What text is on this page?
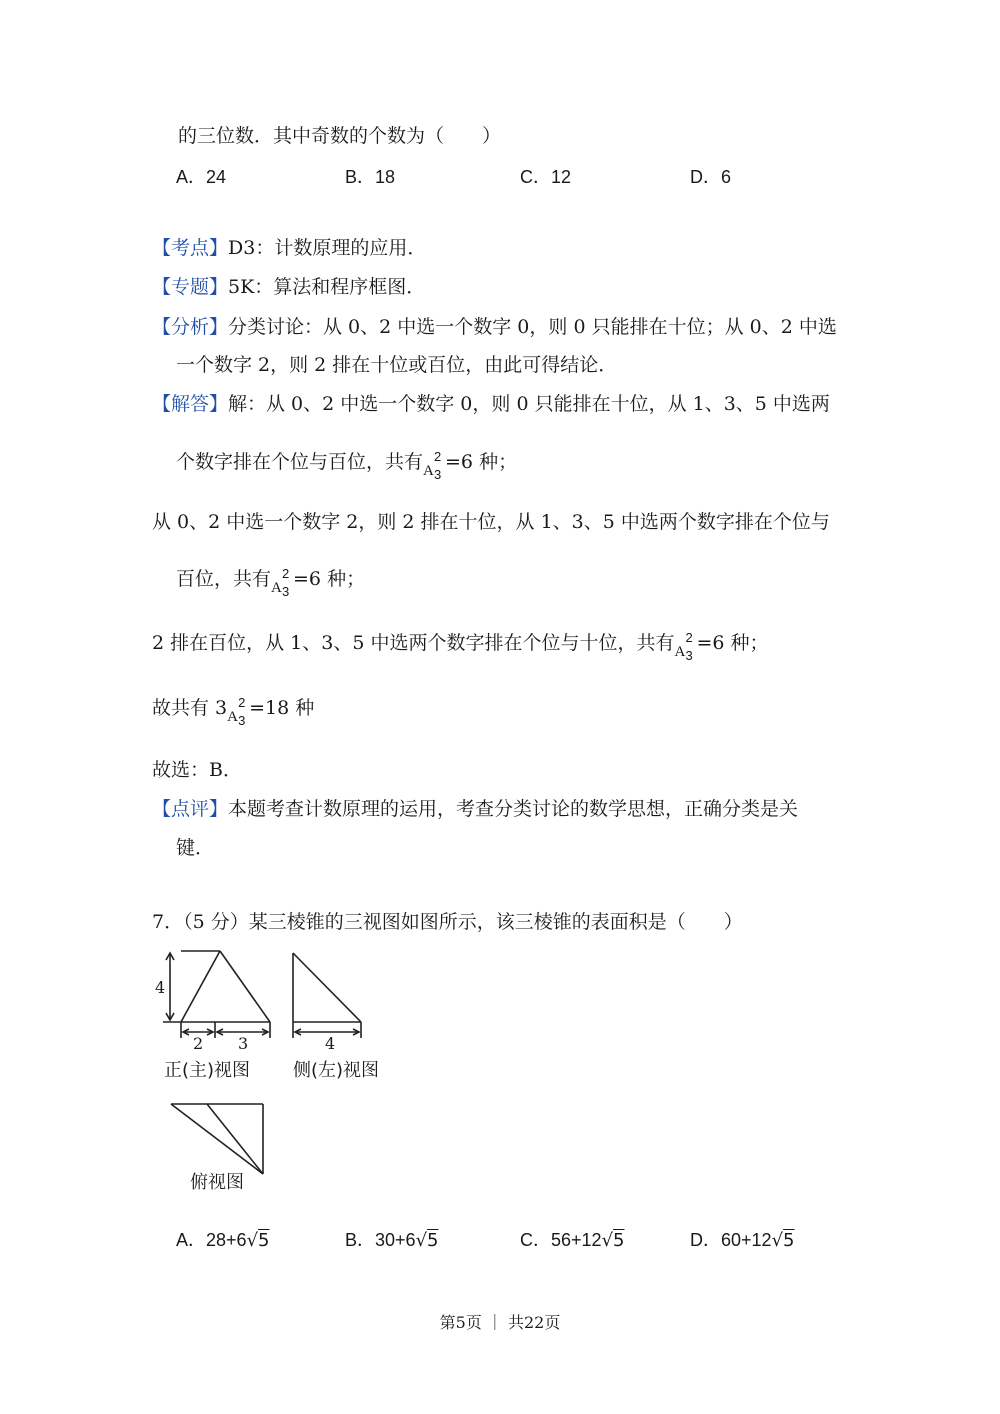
的三位数．其中奇数的个数为（　　）
A．24	B．18	C．12	D．6
【考点】D3：计数原理的应用．
【专题】5K：算法和程序框图．
【分析】分类讨论：从 0、2 中选一个数字 0，则 0 只能排在十位；从 0、2 中选
一个数字 2，则 2 排在十位或百位，由此可得结论．
【解答】解：从 0、2 中选一个数字 0，则 0 只能排在十位，从 1、3、5 中选两
个数字排在个位与百位，共有 A
2
3
=6 种；
从 0、2 中选一个数字 2，则 2 排在十位，从 1、3、5 中选两个数字排在个位与
百位，共有 A
2
3
=6 种；
2 排在百位，从 1、3、5 中选两个数字排在个位与十位，共有 A
2
3
=6 种；
故共有 3 A
2
3
=18 种
故选：B．
【点评】本题考查计数原理的运用，考查分类讨论的数学思想，正确分类是关
键．
7．（5 分）某三棱锥的三视图如图所示，该三棱锥的表面积是（　　）
4
2 3
正(主)视图
4
侧(左)视图
俯视图
A．28+6√5	B．30+6√5	C．56+12√5	D．60+12√5
第5页 ｜ 共22页
